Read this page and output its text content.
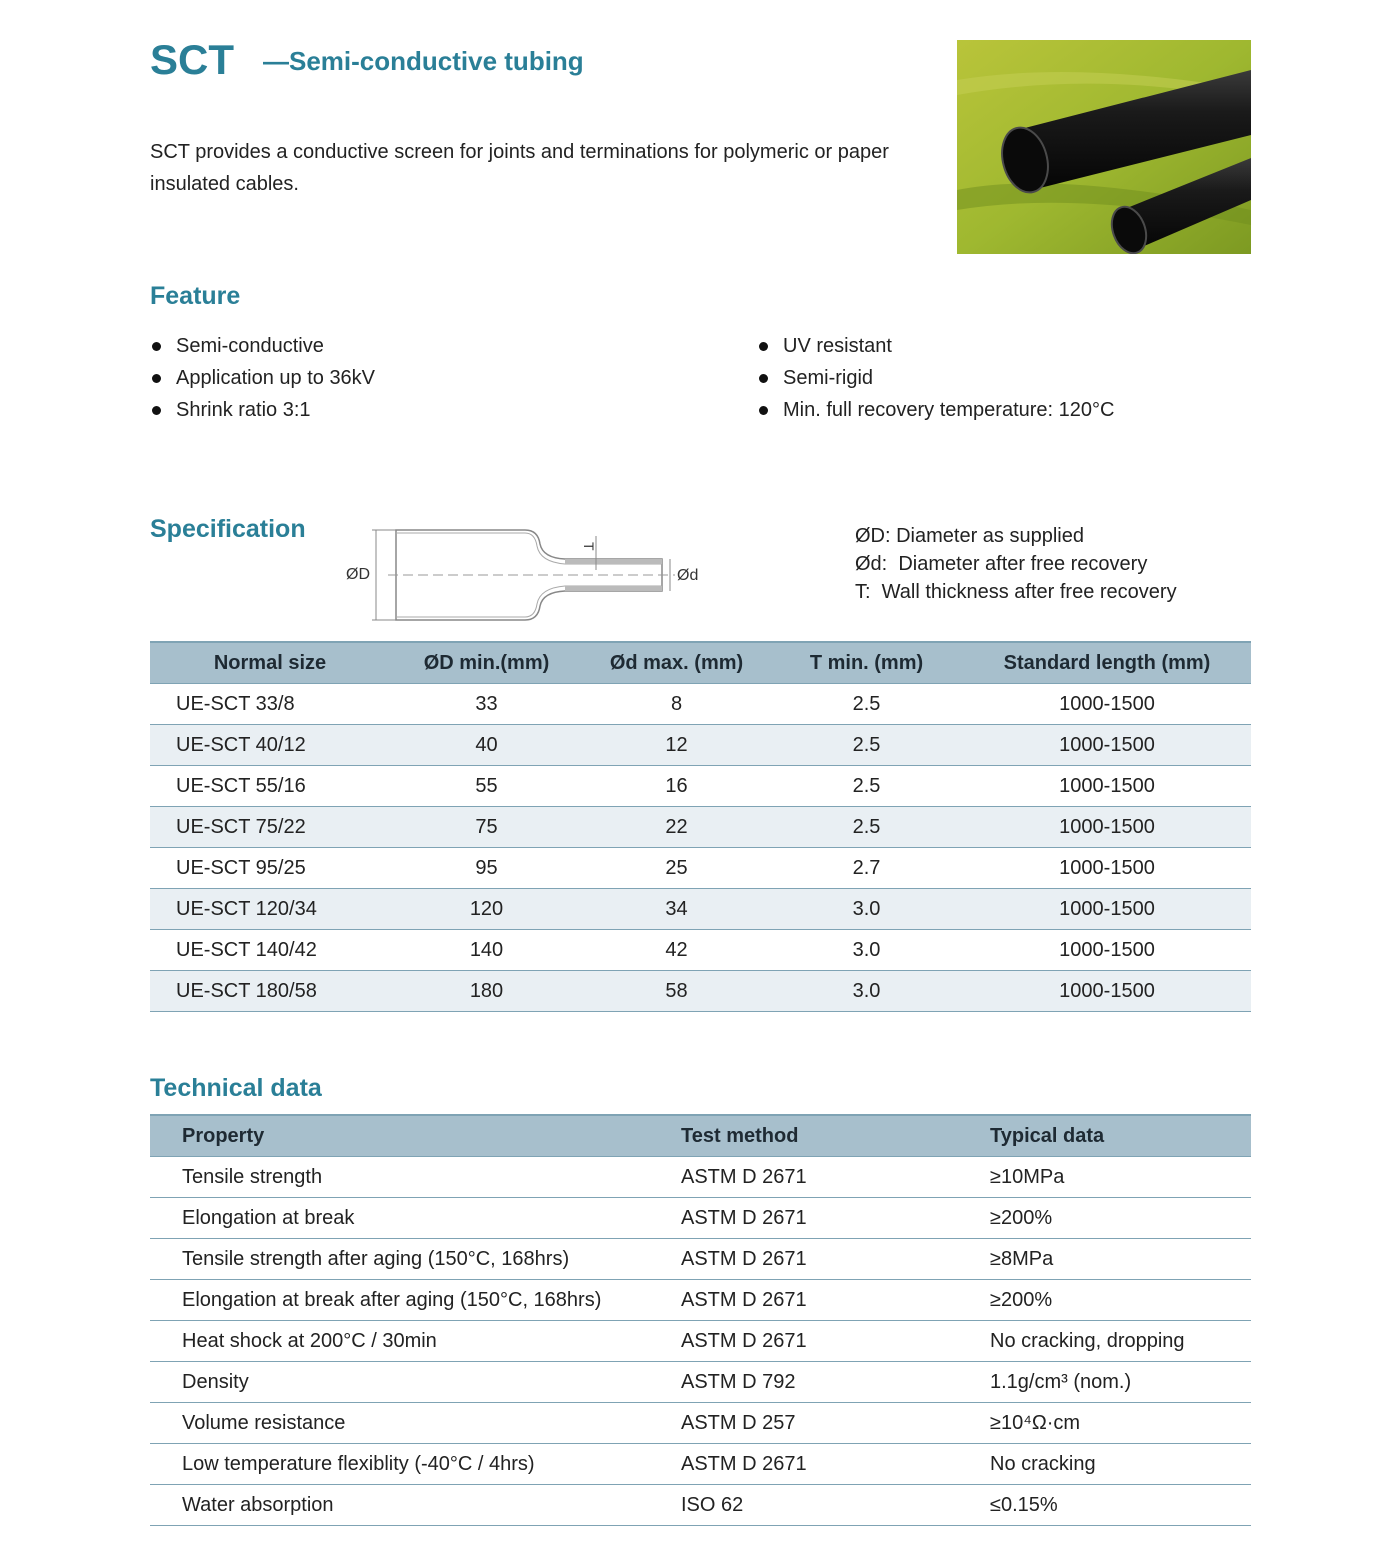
SCT —Semi-conductive tubing
SCT provides a conductive screen for joints and terminations for polymeric or paper insulated cables.
Feature
Semi-conductive
Application up to 36kV
Shrink ratio 3:1
UV resistant
Semi-rigid
Min. full recovery temperature: 120°C
Specification
ØD	Ød
T	ØD: Diameter as supplied
Ød:  Diameter after free recovery
T:  Wall thickness after free recovery
Normal size	ØD min.(mm)	Ød max. (mm)	T min. (mm)	Standard length (mm)
UE-SCT 33/8	33	8	2.5	1000-1500
UE-SCT 40/12	40	12	2.5	1000-1500
UE-SCT 55/16	55	16	2.5	1000-1500
UE-SCT 75/22	75	22	2.5	1000-1500
UE-SCT 95/25	95	25	2.7	1000-1500
UE-SCT 120/34	120	34	3.0	1000-1500
UE-SCT 140/42	140	42	3.0	1000-1500
UE-SCT 180/58	180	58	3.0	1000-1500
Technical data
Property	Test method	Typical data
Tensile strength	ASTM D 2671	≥10MPa
Elongation at break	ASTM D 2671	≥200%
Tensile strength after aging (150°C, 168hrs)	ASTM D 2671	≥8MPa
Elongation at break after aging (150°C, 168hrs)	ASTM D 2671	≥200%
Heat shock at 200°C / 30min	ASTM D 2671	No cracking, dropping
Density	ASTM D 792	1.1g/cm³ (nom.)
Volume resistance	ASTM D 257	≥10⁴Ω·cm
Low temperature flexiblity (-40°C / 4hrs)	ASTM D 2671	No cracking
Water absorption	ISO 62	≤0.15%
